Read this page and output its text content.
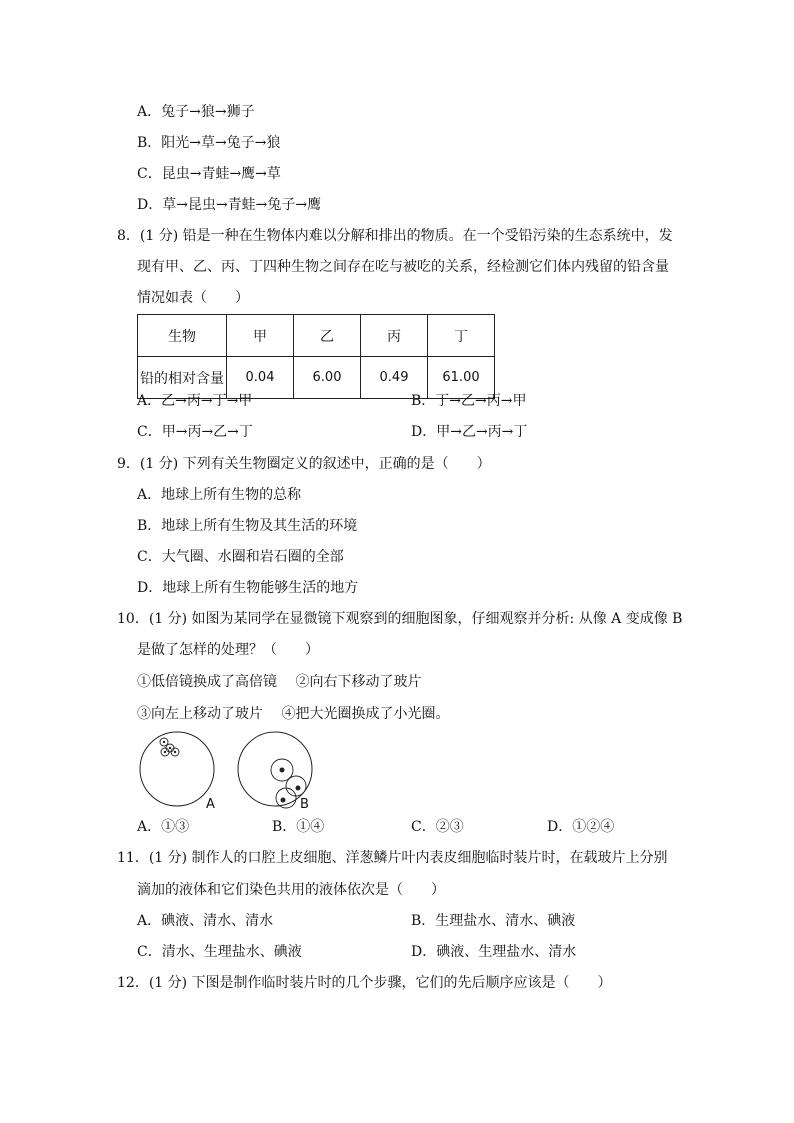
A．兔子→狼→狮子
B．阳光→草→兔子→狼
C．昆虫→青蛙→鹰→草
D．草→昆虫→青蛙→兔子→鹰
8．(1 分) 铅是一种在生物体内难以分解和排出的物质。在一个受铅污染的生态系统中，发
现有甲、乙、丙、丁四种生物之间存在吃与被吃的关系，经检测它们体内残留的铅含量
情况如表（　　）
生物	甲	乙	丙	丁
铅的相对含量	0.04	6.00	0.49	61.00
A．乙→丙→丁→甲	B．丁→乙→丙→甲
C．甲→丙→乙→丁	D．甲→乙→丙→丁
9．(1 分) 下列有关生物圈定义的叙述中，正确的是（　　）
A．地球上所有生物的总称
B．地球上所有生物及其生活的环境
C．大气圈、水圈和岩石圈的全部
D．地球上所有生物能够生活的地方
10．(1 分) 如图为某同学在显微镜下观察到的细胞图象，仔细观察并分析: 从像 A 变成像 B
是做了怎样的处理？（　　）
①低倍镜换成了高倍镜　 ②向右下移动了玻片
③向左上移动了玻片　 ④把大光圈换成了小光圈。
A	B
A．①③	B．①④	C．②③	D．①②④
11．(1 分) 制作人的口腔上皮细胞、洋葱鳞片叶内表皮细胞临时装片时，在载玻片上分别
滴加的液体和它们染色共用的液体依次是（　　）
A．碘液、清水、清水	B．生理盐水、清水、碘液
C．清水、生理盐水、碘液	D．碘液、生理盐水、清水
12．(1 分) 下图是制作临时装片时的几个步骤，它们的先后顺序应该是（　　）
